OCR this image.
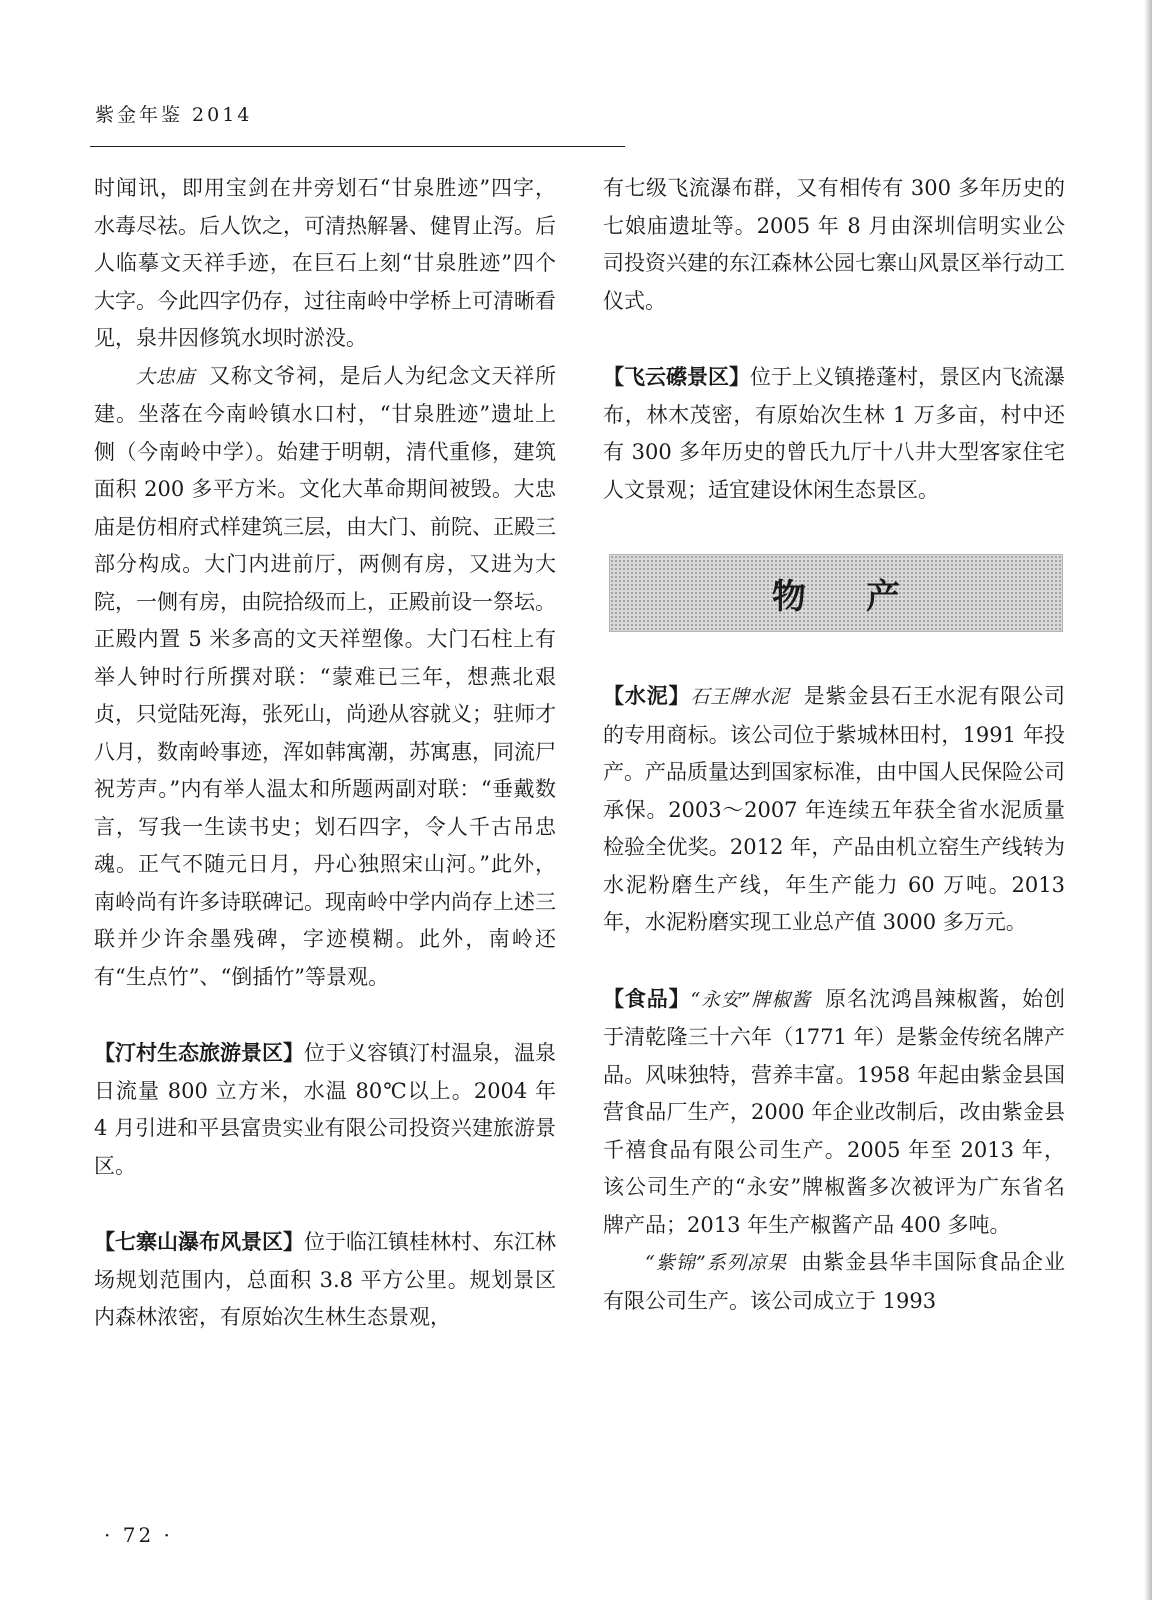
紫金年鉴 2014

时闻讯，即用宝剑在井旁划石“甘泉胜迹”四字，水毒尽祛。后人饮之，可清热解暑、健胃止泻。后人临摹文天祥手迹，在巨石上刻“甘泉胜迹”四个大字。今此四字仍存，过往南岭中学桥上可清晰看见，泉井因修筑水坝时淤没。

大忠庙 又称文爷祠，是后人为纪念文天祥所建。坐落在今南岭镇水口村，“甘泉胜迹”遗址上侧（今南岭中学）。始建于明朝，清代重修，建筑面积 200 多平方米。文化大革命期间被毁。大忠庙是仿相府式样建筑三层，由大门、前院、正殿三部分构成。大门内进前厅，两侧有房，又进为大院，一侧有房，由院拾级而上，正殿前设一祭坛。正殿内置 5 米多高的文天祥塑像。大门石柱上有举人钟时行所撰对联：“蒙难已三年，想燕北艰贞，只觉陆死海，张死山，尚逊从容就义；驻师才八月，数南岭事迹，浑如韩寓潮，苏寓惠，同流尸祝芳声。”内有举人温太和所题两副对联：“垂戴数言，写我一生读书史；划石四字，令人千古吊忠魂。正气不随元日月，丹心独照宋山河。”此外，南岭尚有许多诗联碑记。现南岭中学内尚存上述三联并少许余墨残碑，字迹模糊。此外，南岭还有“生点竹”、“倒插竹”等景观。

【汀村生态旅游景区】位于义容镇汀村温泉，温泉日流量 800 立方米，水温 80℃以上。2004 年 4 月引进和平县富贵实业有限公司投资兴建旅游景区。

【七寨山瀑布风景区】位于临江镇桂林村、东江林场规划范围内，总面积 3.8 平方公里。规划景区内森林浓密，有原始次生林生态景观，

有七级飞流瀑布群，又有相传有 300 多年历史的七娘庙遗址等。2005 年 8 月由深圳信明实业公司投资兴建的东江森林公园七寨山风景区举行动工仪式。

【飞云礤景区】位于上义镇捲蓬村，景区内飞流瀑布，林木茂密，有原始次生林 1 万多亩，村中还有 300 多年历史的曾氏九厅十八井大型客家住宅人文景观；适宜建设休闲生态景区。

物产

【水泥】石王牌水泥 是紫金县石王水泥有限公司的专用商标。该公司位于紫城林田村，1991 年投产。产品质量达到国家标准，由中国人民保险公司承保。2003～2007 年连续五年获全省水泥质量检验全优奖。2012 年，产品由机立窑生产线转为水泥粉磨生产线，年生产能力 60 万吨。2013 年，水泥粉磨实现工业总产值 3000 多万元。

【食品】“永安”牌椒酱 原名沈鸿昌辣椒酱，始创于清乾隆三十六年（1771 年）是紫金传统名牌产品。风味独特，营养丰富。1958 年起由紫金县国营食品厂生产，2000 年企业改制后，改由紫金县千禧食品有限公司生产。2005 年至 2013 年，该公司生产的“永安”牌椒酱多次被评为广东省名牌产品；2013 年生产椒酱产品 400 多吨。

“紫锦”系列凉果 由紫金县华丰国际食品企业有限公司生产。该公司成立于 1993

· 72 ·
